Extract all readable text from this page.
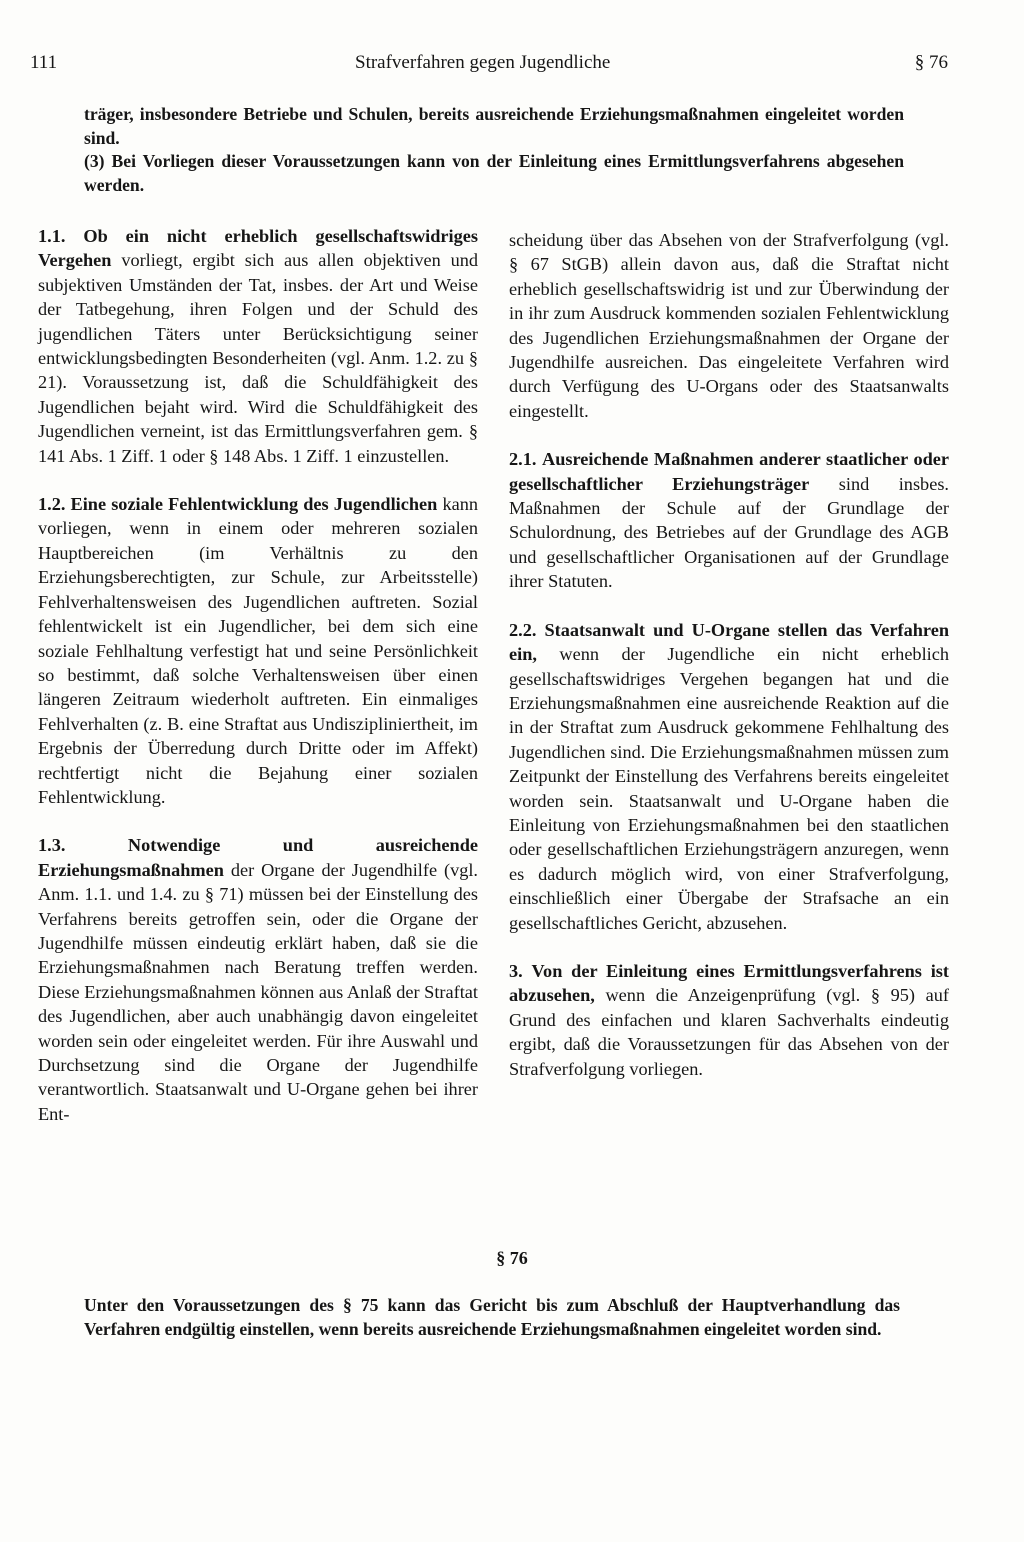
111	Strafverfahren gegen Jugendliche	§ 76

träger, insbesondere Betriebe und Schulen, bereits ausreichende Erziehungsmaßnahmen eingeleitet worden sind.

(3) Bei Vorliegen dieser Voraussetzungen kann von der Einleitung eines Ermittlungsverfahrens abgesehen werden.

1.1. Ob ein nicht erheblich gesellschaftswidriges Vergehen vorliegt, ergibt sich aus allen objektiven und subjektiven Umständen der Tat, insbes. der Art und Weise der Tatbegehung, ihren Folgen und der Schuld des jugendlichen Täters unter Berücksichtigung seiner entwicklungsbedingten Besonderheiten (vgl. Anm. 1.2. zu § 21). Voraussetzung ist, daß die Schuldfähigkeit des Jugendlichen bejaht wird. Wird die Schuldfähigkeit des Jugendlichen verneint, ist das Ermittlungsverfahren gem. § 141 Abs. 1 Ziff. 1 oder § 148 Abs. 1 Ziff. 1 einzustellen.

1.2. Eine soziale Fehlentwicklung des Jugendlichen kann vorliegen, wenn in einem oder mehreren sozialen Hauptbereichen (im Verhältnis zu den Erziehungsberechtigten, zur Schule, zur Arbeitsstelle) Fehlverhaltensweisen des Jugendlichen auftreten. Sozial fehlentwickelt ist ein Jugendlicher, bei dem sich eine soziale Fehlhaltung verfestigt hat und seine Persönlichkeit so bestimmt, daß solche Verhaltensweisen über einen längeren Zeitraum wiederholt auftreten. Ein einmaliges Fehlverhalten (z. B. eine Straftat aus Undiszipliniertheit, im Ergebnis der Überredung durch Dritte oder im Affekt) rechtfertigt nicht die Bejahung einer sozialen Fehlentwicklung.

1.3.	Notwendige und ausreichende Erziehungsmaßnahmen der Organe der Jugendhilfe (vgl. Anm. 1.1. und 1.4. zu § 71) müssen bei der Einstellung des Verfahrens bereits getroffen sein, oder die Organe der Jugendhilfe müssen eindeutig erklärt haben, daß sie die Erziehungsmaßnahmen nach Beratung treffen werden. Diese Erziehungsmaßnahmen können aus Anlaß der Straftat des Jugendlichen, aber auch unabhängig davon eingeleitet worden sein oder eingeleitet werden. Für ihre Auswahl und Durchsetzung sind die Organe der Jugendhilfe verantwortlich. Staatsanwalt und U-Organe gehen bei ihrer Ent-

scheidung über das Absehen von der Strafverfolgung (vgl. § 67 StGB) allein davon aus, daß die Straftat nicht erheblich gesellschaftswidrig ist und zur Überwindung der in ihr zum Ausdruck kommenden sozialen Fehlentwicklung des Jugendlichen Erziehungsmaßnahmen der Organe der Jugendhilfe ausreichen. Das eingeleitete Verfahren wird durch Verfügung des U-Organs oder des Staatsanwalts eingestellt.

2.1. Ausreichende Maßnahmen anderer staatlicher oder gesellschaftlicher Erziehungsträger sind insbes. Maßnahmen der Schule auf der Grundlage der Schulordnung, des Betriebes auf der Grundlage des AGB und gesellschaftlicher Organisationen auf der Grundlage ihrer Statuten.

2.2. Staatsanwalt und U-Organe stellen das Verfahren ein, wenn der Jugendliche ein nicht erheblich gesellschaftswidriges Vergehen begangen hat und die Erziehungsmaßnahmen eine ausreichende Reaktion auf die in der Straftat zum Ausdruck gekommene Fehlhaltung des Jugendlichen sind. Die Erziehungsmaßnahmen müssen zum Zeitpunkt der Einstellung des Verfahrens bereits eingeleitet worden sein. Staatsanwalt und U-Organe haben die Einleitung von Erziehungsmaßnahmen bei den staatlichen oder gesellschaftlichen Erziehungsträgern anzuregen, wenn es dadurch möglich wird, von einer Strafverfolgung, einschließlich einer Übergabe der Strafsache an ein gesellschaftliches Gericht, abzusehen.

3. Von der Einleitung eines Ermittlungsverfahrens ist abzusehen, wenn die Anzeigenprüfung (vgl. § 95) auf Grund des einfachen und klaren Sachverhalts eindeutig ergibt, daß die Voraussetzungen für das Absehen von der Strafverfolgung vorliegen.

§ 76
Unter den Voraussetzungen des § 75 kann das Gericht bis zum Abschluß der Hauptverhandlung das Verfahren endgültig einstellen, wenn bereits ausreichende Erziehungsmaßnahmen eingeleitet worden sind.
